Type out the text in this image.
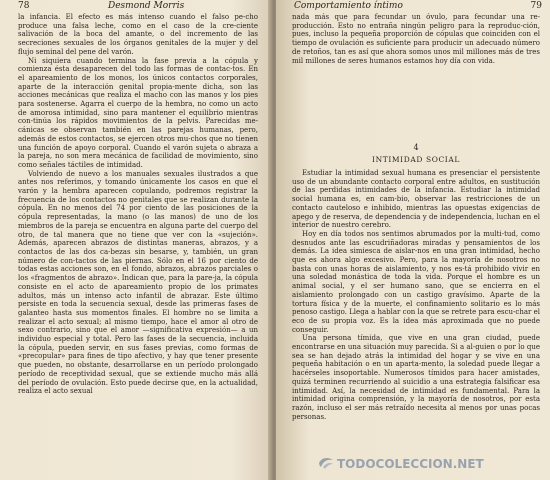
78	Desmond Morris

la infancia. El efecto es más intenso cuando el falso pe-cho produce una falsa leche, como en el caso de la cre-ciente salivación de la boca del amante, o del incremento de las secreciones sexuales de los órganos genitales de la mujer y del flujo seminal del pene del varón.

Ni siquiera cuando termina la fase previa a la cópula y comienza ésta desaparecen del todo las formas de contac-tos. En el apareamiento de los monos, los únicos contactos corporales, aparte de la interacción genital propia-mente dicha, son las acciones mecánicas que realiza el macho con las manos y los pies para sostenerse. Agarra el cuerpo de la hembra, no como un acto de amorosa intimidad, sino para mantener el equilibrio mientras con-tinúa los rápidos movimientos de la pelvis. Parecidas me-cánicas se observan también en las parejas humanas, pero, además de estos contactos, se ejercen otros mu-chos que no tienen una función de apoyo corporal. Cuando el varón sujeta o abraza a la pareja, no son mera mecánica de facilidad de movimiento, sino como señales táctiles de intimidad.

Volviendo de nuevo a los manuales sexuales ilustrados a que antes nos referimos, y tomando únicamente los casos en que el varón y la hembra aparecen copulando, podremos registrar la frecuencia de los contactos no genitales que se realizan durante la cópula. En no menos del 74 por ciento de las posiciones de la cópula representadas, la mano (o las manos) de uno de los miembros de la pareja se encuentra en alguna parte del cuerpo del otro, de tal manera que no tiene que ver con la «sujeción». Además, aparecen abrazos de distintas maneras, abrazos, y a contactos de las dos ca-bezas sin besarse, y, también, un gran número de con-tactos de las piernas. Sólo en el 16 por ciento de todas estas acciones son, en el fondo, abrazos, abrazos parciales o los «fragmentos de abrazo». Indican que, para la pare-ja, la cópula consiste en el acto de apareamiento propio de los primates adultos, más un intenso acto infantil de abrazar. Este último persiste en toda la secuencia sexual, desde las primeras fases de galanteo hasta sus momentos finales. El hombre no se limita a realizar el acto sexual; al mismo tiempo, hace el amor al otro de sexo contrario, sino que el amor —significativa expresión— a un individuo especial y total. Pero las fases de la secuencia, incluida la cópula, pueden servir, en sus fases previas, como formas de «precopular» para fines de tipo afectivo, y hay que tener presente que pueden, no obstante, desarrollarse en un período prolongado período de receptividad sexual, que se extiende mucho más allá del período de ovulación. Esto puede decirse que, en la actualidad, realiza el acto sexual

Comportamiento íntimo	79

nada más que para fecundar un óvulo, para fecundar una re-producción. Esto no entraña ningún peligro para la reproduc-ción, pues, incluso la pequeña proporción de cópulas que coinciden con el tiempo de ovulación es suficiente para producir un adecuado número de retoños, tan es así que ahora somos unos mil millones más de tres mil millones de seres humanos estamos hoy día con vida.

4
INTIMIDAD SOCIAL

Estudiar la intimidad sexual humana es presenciar el persistente uso de un abundante contacto corporal entre adultos, en sustitución de las perdidas intimidades de la infancia. Estudiar la intimidad social humana es, en cam-bio, observar las restricciones de un contacto cauteloso e inhibido, mientras las opuestas exigencias de apego y de reserva, de dependencia y de independencia, luchan en el interior de nuestro cerebro.

Hoy en día todos nos sentimos abrumados por la multi-tud, como desnudos ante las escudriñadoras miradas y pensamientos de los demás. La idea simiesca de aislar-nos en una gran intimidad, hecho que es ahora algo excesivo. Pero, para la mayoría de nosotros no basta con unas horas de aislamiento, y nos es-tá prohibido vivir en una soledad monástica de toda la vida. Porque el hombre es un animal social, y el ser humano sano, que se encierra en el aislamiento prolongado con un castigo gravísimo. Aparte de la tortura física y de la muerte, el confinamiento solitario es lo más penoso castigo. Llega a hablar con la que se retrete para escu-char el eco de su propia voz. Es la idea más aproximada que no puede conseguir.

Una persona tímida, que vive en una gran ciudad, puede encontrarse en una situación muy parecida. Si a al-guien o por lo que sea se han dejado atrás la intimidad del hogar y se vive en una pequeña habitación o en un aparta-mento, la soledad puede llegar a hacérseles insoportable. Numerosos tímidos para hacer amistades, quizá terminen recurriendo al suicidio a una estrategia falsificar esa intimidad. Así, la necesidad de intimidad es fundamental. Para la intimidad origina comprensión, y la mayoría de nosotros, por esta razón, incluso el ser más retraído necesita al menos por unas pocas personas.

TODOCOLECCION.NET
